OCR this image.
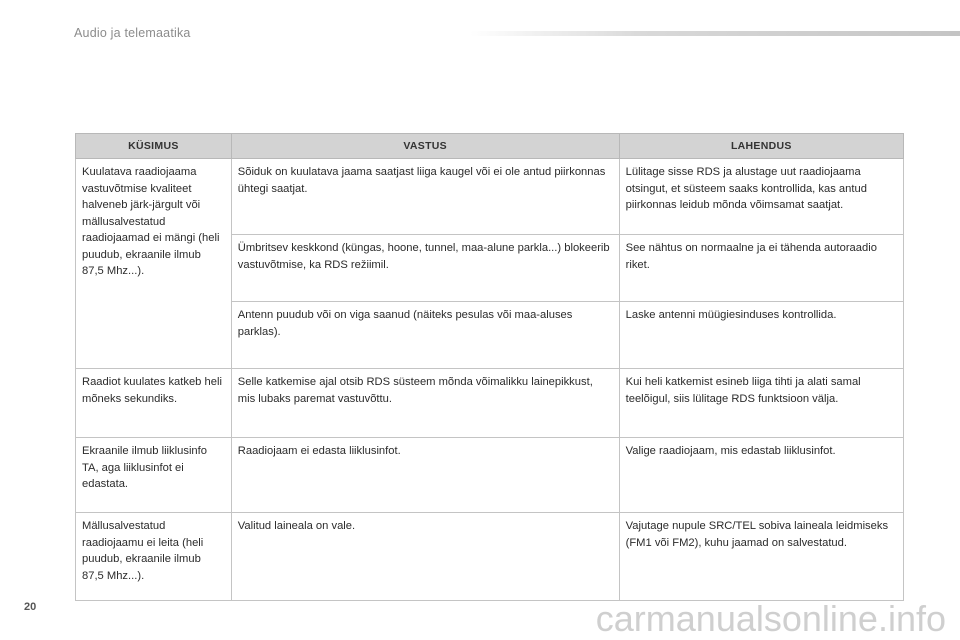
Audio ja telemaatika
KÜSIMUS	VASTUS	LAHENDUS
Kuulatava raadiojaama vastuvõtmise kvaliteet halveneb järk-järgult või mällusalvestatud raadiojaamad ei mängi (heli puudub, ekraanile ilmub 87,5 Mhz...).	Sõiduk on kuulatava jaama saatjast liiga kaugel või ei ole antud piirkonnas ühtegi saatjat.	Lülitage sisse RDS ja alustage uut raadiojaama otsingut, et süsteem saaks kontrollida, kas antud piirkonnas leidub mõnda võimsamat saatjat.
	Ümbritsev keskkond (küngas, hoone, tunnel, maa-alune parkla...) blokeerib vastuvõtmise, ka RDS režiimil.	See nähtus on normaalne ja ei tähenda autoraadio riket.
	Antenn puudub või on viga saanud (näiteks pesulas või maa-aluses parklas).	Laske antenni müügiesinduses kontrollida.
Raadiot kuulates katkeb heli mõneks sekundiks.	Selle katkemise ajal otsib RDS süsteem mõnda võimalikku lainepikkust, mis lubaks paremat vastuvõttu.	Kui heli katkemist esineb liiga tihti ja alati samal teelõigul, siis lülitage RDS funktsioon välja.
Ekraanile ilmub liiklusinfo TA, aga liiklusinfot ei edastata.	Raadiojaam ei edasta liiklusinfot.	Valige raadiojaam, mis edastab liiklusinfot.
Mällusalvestatud raadiojaamu ei leita (heli puudub, ekraanile ilmub 87,5 Mhz...).	Valitud laineala on vale.	Vajutage nupule SRC/TEL sobiva laineala leidmiseks (FM1 või FM2), kuhu jaamad on salvestatud.
20	carmanualsonline.info
